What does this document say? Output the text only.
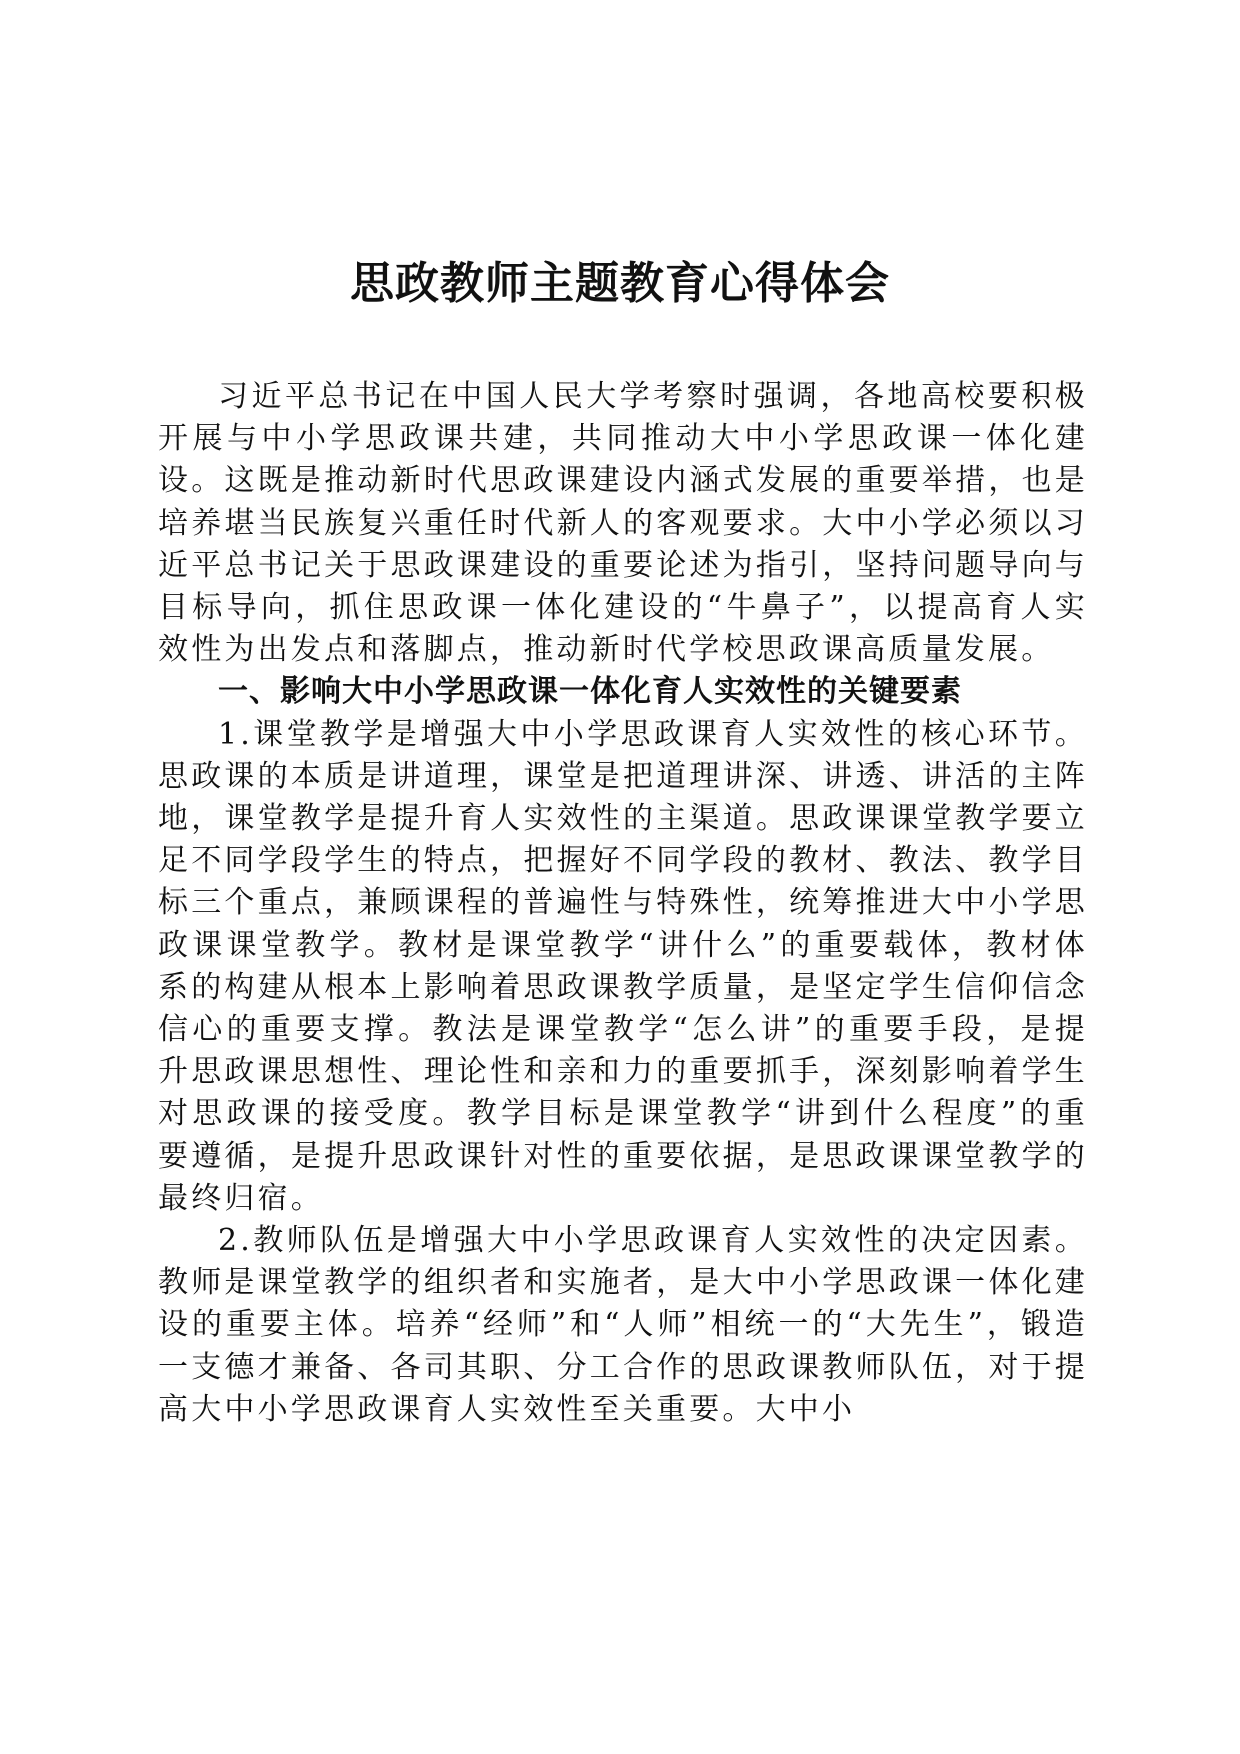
思政教师主题教育心得体会

习近平总书记在中国人民大学考察时强调，各地高校要积极开展与中小学思政课共建，共同推动大中小学思政课一体化建设。这既是推动新时代思政课建设内涵式发展的重要举措，也是培养堪当民族复兴重任时代新人的客观要求。大中小学必须以习近平总书记关于思政课建设的重要论述为指引，坚持问题导向与目标导向，抓住思政课一体化建设的“牛鼻子”，以提高育人实效性为出发点和落脚点，推动新时代学校思政课高质量发展。

一、影响大中小学思政课一体化育人实效性的关键要素

1.课堂教学是增强大中小学思政课育人实效性的核心环节。思政课的本质是讲道理，课堂是把道理讲深、讲透、讲活的主阵地，课堂教学是提升育人实效性的主渠道。思政课课堂教学要立足不同学段学生的特点，把握好不同学段的教材、教法、教学目标三个重点，兼顾课程的普遍性与特殊性，统筹推进大中小学思政课课堂教学。教材是课堂教学“讲什么”的重要载体，教材体系的构建从根本上影响着思政课教学质量，是坚定学生信仰信念信心的重要支撑。教法是课堂教学“怎么讲”的重要手段，是提升思政课思想性、理论性和亲和力的重要抓手，深刻影响着学生对思政课的接受度。教学目标是课堂教学“讲到什么程度”的重要遵循，是提升思政课针对性的重要依据，是思政课课堂教学的最终归宿。

2.教师队伍是增强大中小学思政课育人实效性的决定因素。教师是课堂教学的组织者和实施者，是大中小学思政课一体化建设的重要主体。培养“经师”和“人师”相统一的“大先生”，锻造一支德才兼备、各司其职、分工合作的思政课教师队伍，对于提高大中小学思政课育人实效性至关重要。大中小
